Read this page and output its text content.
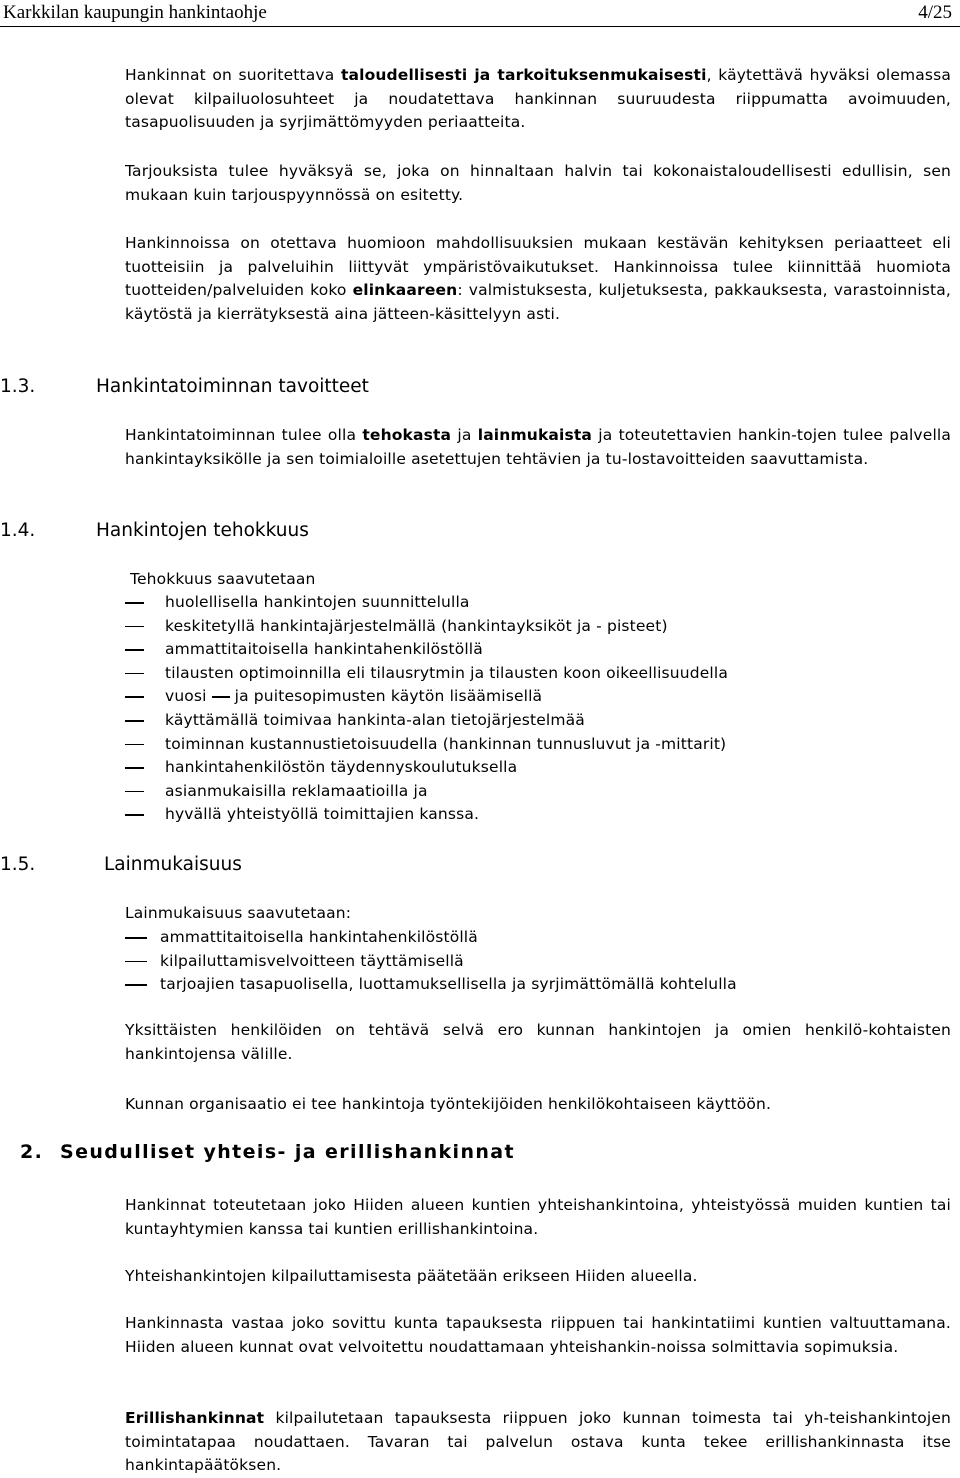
Karkkilan kaupungin hankintaohje	4/25

Hankinnat on suoritettava taloudellisesti ja tarkoituksenmukaisesti, käytettävä hyväksi olemassa olevat kilpailuolosuhteet ja noudatettava hankinnan suuruudesta riippumatta avoimuuden, tasapuolisuuden ja syrjimättömyyden periaatteita.

Tarjouksista tulee hyväksyä se, joka on hinnaltaan halvin tai kokonaistaloudellisesti edullisin, sen mukaan kuin tarjouspyynnössä on esitetty.

Hankinnoissa on otettava huomioon mahdollisuuksien mukaan kestävän kehityksen periaatteet eli tuotteisiin ja palveluihin liittyvät ympäristövaikutukset. Hankinnoissa tulee kiinnittää huomiota tuotteiden/palveluiden koko elinkaareen: valmistuksesta, kuljetuksesta, pakkauksesta, varastoinnista, käytöstä ja kierrätyksestä aina jätteen-käsittelyyn asti.

1.3.	Hankintatoiminnan tavoitteet

Hankintatoiminnan tulee olla tehokasta ja lainmukaista ja toteutettavien hankin-tojen tulee palvella hankintayksikölle ja sen toimialoille asetettujen tehtävien ja tu-lostavoitteiden saavuttamista.

1.4.	Hankintojen tehokkuus

Tehokkuus saavutetaan

huolellisella hankintojen suunnittelulla
keskitetyllä hankintajärjestelmällä (hankintayksiköt ja - pisteet)
ammattitaitoisella hankintahenkilöstöllä
tilausten optimoinnilla eli tilausrytmin ja tilausten koon oikeellisuudella
vuosi ja puitesopimusten käytön lisäämisellä
käyttämällä toimivaa hankinta-alan tietojärjestelmää
toiminnan kustannustietoisuudella (hankinnan tunnusluvut ja -mittarit)
hankintahenkilöstön täydennyskoulutuksella
asianmukaisilla reklamaatioilla ja
hyvällä yhteistyöllä toimittajien kanssa.
1.5.	Lainmukaisuus

Lainmukaisuus saavutetaan:

ammattitaitoisella hankintahenkilöstöllä
kilpailuttamisvelvoitteen täyttämisellä
tarjoajien tasapuolisella, luottamuksellisella ja syrjimättömällä kohtelulla

Yksittäisten henkilöiden on tehtävä selvä ero kunnan hankintojen ja omien henkilö-kohtaisten hankintojensa välille.

Kunnan organisaatio ei tee hankintoja työntekijöiden henkilökohtaiseen käyttöön.

2. Seudulliset yhteis- ja erillishankinnat

Hankinnat toteutetaan joko Hiiden alueen kuntien yhteishankintoina, yhteistyössä muiden kuntien tai kuntayhtymien kanssa tai kuntien erillishankintoina.

Yhteishankintojen kilpailuttamisesta päätetään erikseen Hiiden alueella.

Hankinnasta vastaa joko sovittu kunta tapauksesta riippuen tai hankintatiimi kuntien valtuuttamana. Hiiden alueen kunnat ovat velvoitettu noudattamaan yhteishankin-noissa solmittavia sopimuksia.

Erillishankinnat kilpailutetaan tapauksesta riippuen joko kunnan toimesta tai yh-teishankintojen toimintatapaa noudattaen. Tavaran tai palvelun ostava kunta tekee erillishankinnasta itse hankintapäätöksen.
